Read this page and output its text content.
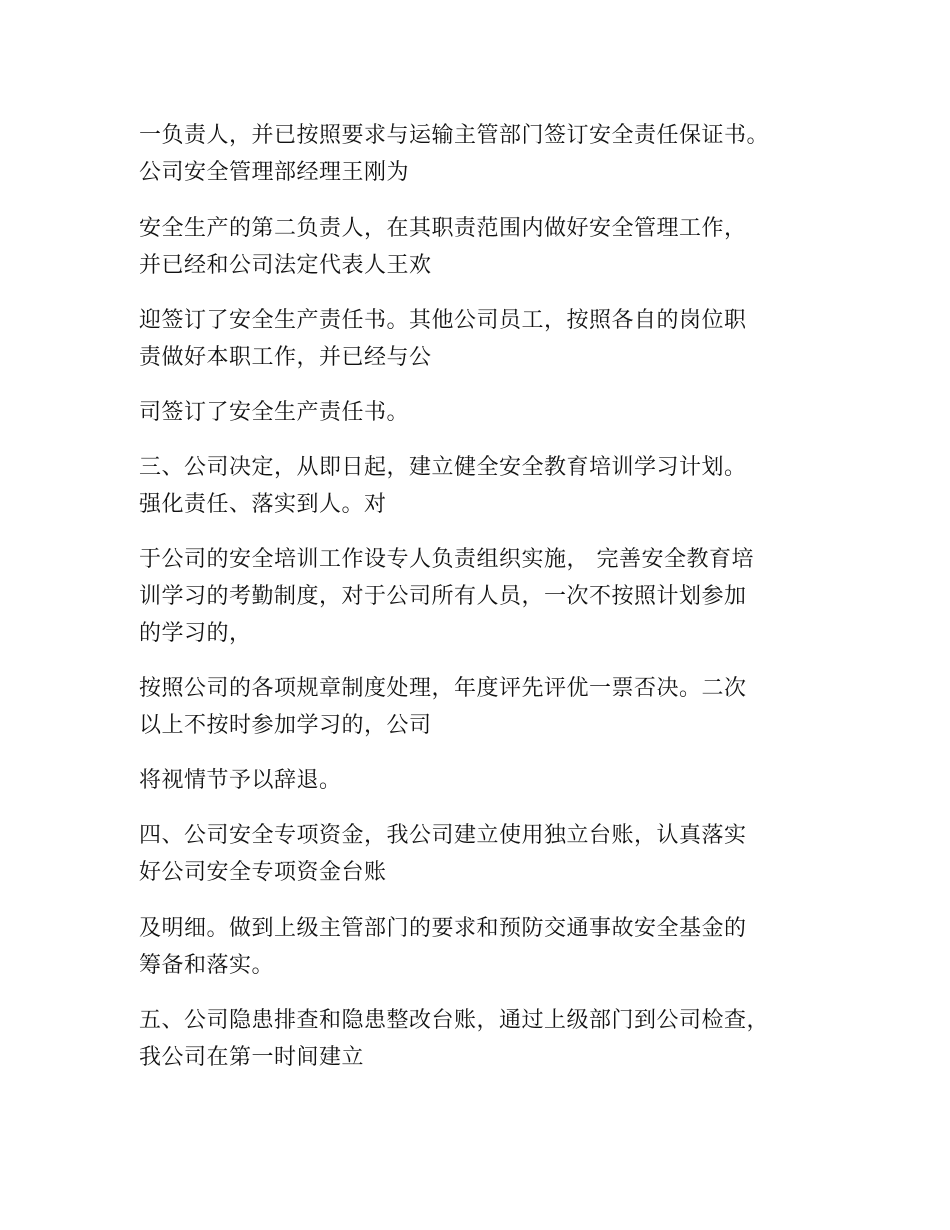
一负责人，并已按照要求与运输主管部门签订安全责任保证书。
公司安全管理部经理王刚为
安全生产的第二负责人，在其职责范围内做好安全管理工作，
并已经和公司法定代表人王欢
迎签订了安全生产责任书。其他公司员工，按照各自的岗位职
责做好本职工作，并已经与公
司签订了安全生产责任书。
三、公司决定，从即日起，建立健全安全教育培训学习计划。
强化责任、落实到人。对
于公司的安全培训工作设专人负责组织实施， 完善安全教育培
训学习的考勤制度，对于公司所有人员，一次不按照计划参加
的学习的，
按照公司的各项规章制度处理，年度评先评优一票否决。二次
以上不按时参加学习的，公司
将视情节予以辞退。
四、公司安全专项资金，我公司建立使用独立台账，认真落实
好公司安全专项资金台账
及明细。做到上级主管部门的要求和预防交通事故安全基金的
筹备和落实。
五、公司隐患排查和隐患整改台账，通过上级部门到公司检查，
我公司在第一时间建立
